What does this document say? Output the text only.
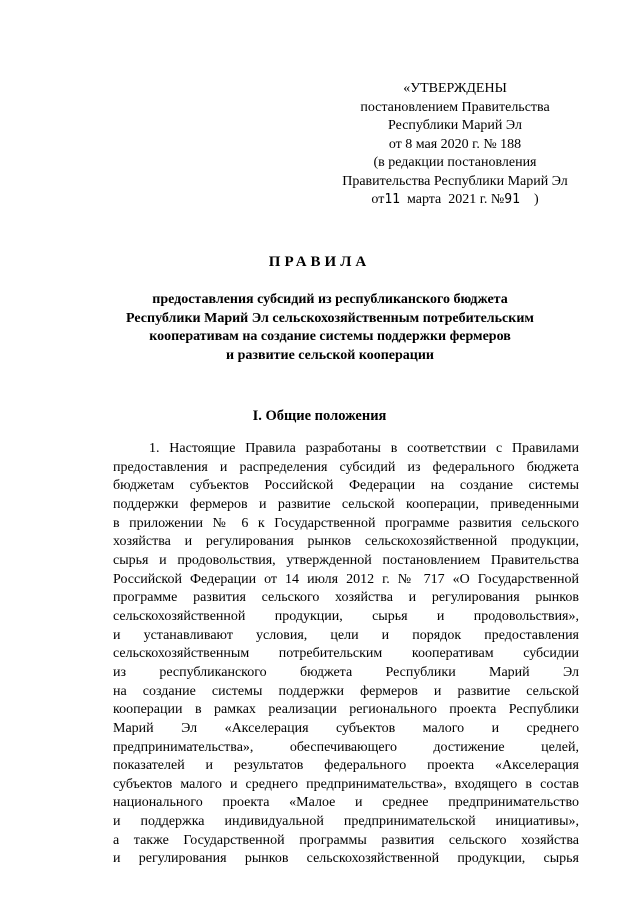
«УТВЕРЖДЕНЫ
постановлением Правительства
Республики Марий Эл
от 8 мая 2020 г. № 188
(в редакции постановления
Правительства Республики Марий Эл
от11 марта 2021 г. №91 )
ПРАВИЛА
предоставления субсидий из республиканского бюджета
Республики Марий Эл сельскохозяйственным потребительским
кооперативам на создание системы поддержки фермеров
и развитие сельской кооперации
I. Общие положения
1. Настоящие Правила разработаны в соответствии с Правилами
предоставления и распределения субсидий из федерального бюджета
бюджетам субъектов Российской Федерации на создание системы
поддержки фермеров и развитие сельской кооперации, приведенными
в приложении № 6 к Государственной программе развития сельского
хозяйства и регулирования рынков сельскохозяйственной продукции,
сырья и продовольствия, утвержденной постановлением Правительства
Российской Федерации от 14 июля 2012 г. № 717 «О Государственной
программе развития сельского хозяйства и регулирования рынков
сельскохозяйственной продукции, сырья и продовольствия»,
и устанавливают условия, цели и порядок предоставления
сельскохозяйственным потребительским кооперативам субсидии
из республиканского бюджета Республики Марий Эл
на создание системы поддержки фермеров и развитие сельской
кооперации в рамках реализации регионального проекта Республики
Марий Эл «Акселерация субъектов малого и среднего
предпринимательства», обеспечивающего достижение целей,
показателей и результатов федерального проекта «Акселерация
субъектов малого и среднего предпринимательства», входящего в состав
национального проекта «Малое и среднее предпринимательство
и поддержка индивидуальной предпринимательской инициативы»,
а также Государственной программы развития сельского хозяйства
и регулирования рынков сельскохозяйственной продукции, сырья
